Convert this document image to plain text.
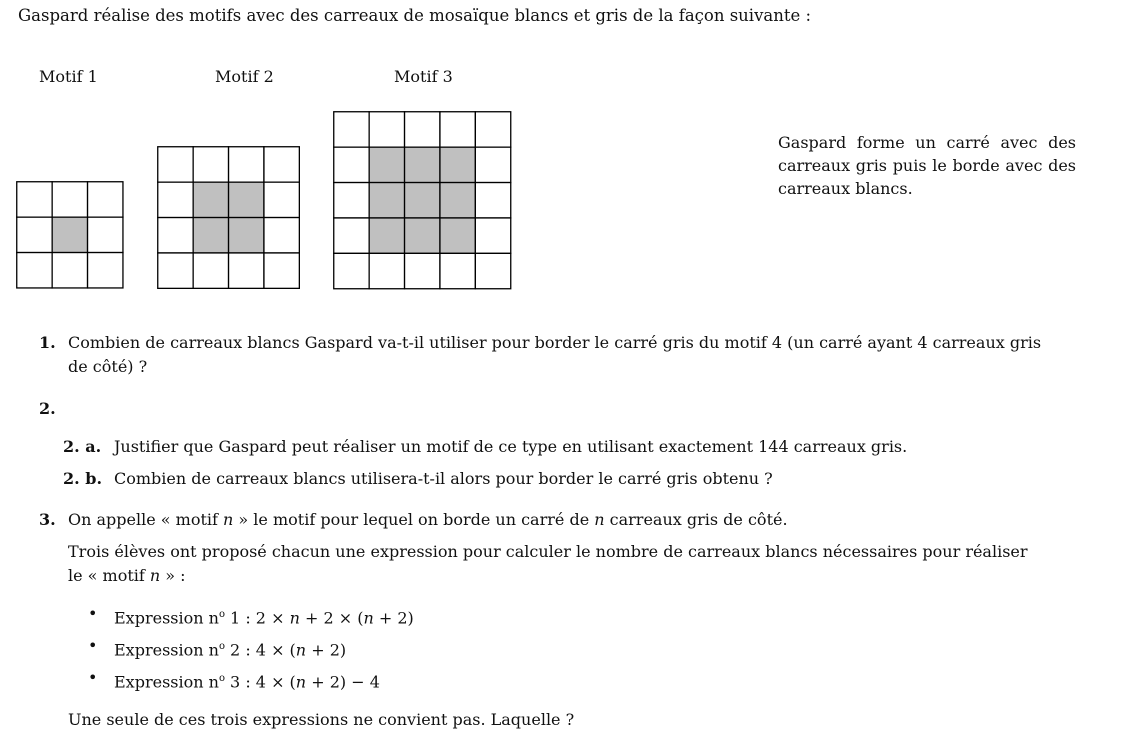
Gaspard réalise des motifs avec des carreaux de mosaïque blancs et gris de la façon suivante :
Motif 1	Motif 2	Motif 3
Gaspard forme un carré avec des carreaux gris puis le borde avec des carreaux blancs.
1. Combien de carreaux blancs Gaspard va-t-il utiliser pour border le carré gris du motif 4 (un carré ayant 4 carreaux gris
de côté) ?
2.
2. a. Justifier que Gaspard peut réaliser un motif de ce type en utilisant exactement 144 carreaux gris.
2. b. Combien de carreaux blancs utilisera-t-il alors pour border le carré gris obtenu ?
3. On appelle « motif n » le motif pour lequel on borde un carré de n carreaux gris de côté.
Trois élèves ont proposé chacun une expression pour calculer le nombre de carreaux blancs nécessaires pour réaliser
le « motif n » :
• Expression $n^o$ 1 : 2 × n + 2 × (n + 2)
• Expression $n^o$ 2 : 4 × (n + 2)
• Expression $n^o$ 3 : 4 × (n + 2) − 4
Une seule de ces trois expressions ne convient pas. Laquelle ?
